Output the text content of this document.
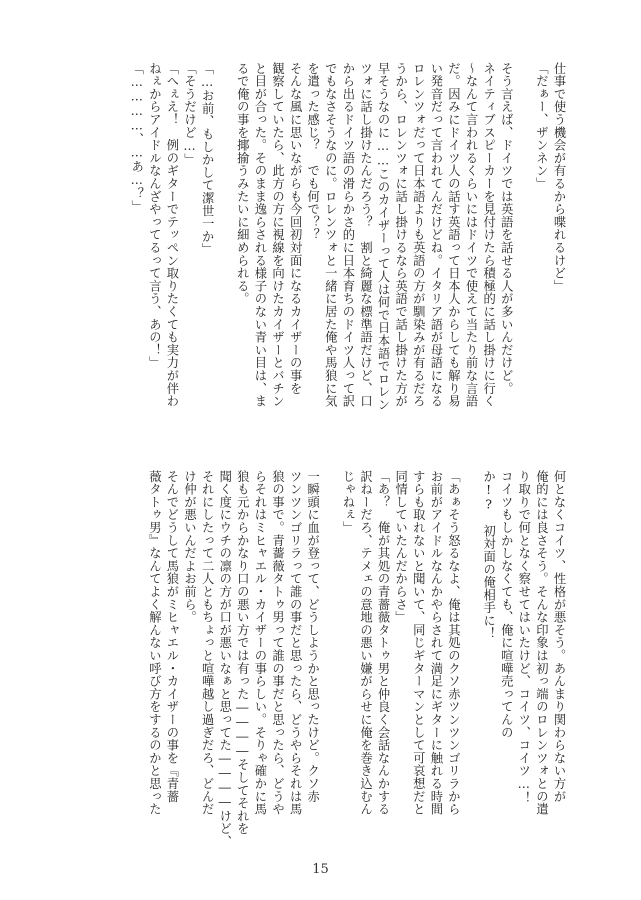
仕事で使う機会が有るから喋れるけど」
「だぁー、ザンネン」
そう言えば、ドイツでは英語を話せる人が多いんだけど。
ネイティブスピーカーを見付けたら積極的に話し掛けに行く
〜なんて言われるくらいにはドイツで使えて当たり前な言語
だ。因みにドイツ人の話す英語って日本人からしても解り易
い発音だって言われてんだけどね。イタリア語が母語になる
ロレンツォだって日本語よりも英語の方が馴染みが有るだろ
うから、ロレンツォに話し掛けるなら英語で話し掛けた方が
早そうなのに……このカイザーって人は何で日本語でロレン
ツォに話し掛けたんだろう？　割と綺麗な標準語だけど、口
から出るドイツ語の滑らかさ的に日本育ちのドイツ人って訳
でもなさそうなのに。ロレンツォと一緒に居た俺や馬狼に気
を遣った感じ？　でも何で？？
そんな風に思いながらも今回初対面になるカイザーの事を
観察していたら、此方の方に視線を向けたカイザーとバチン
と目が合った。そのまま逸らされる様子のない青い目は、ま
るで俺の事を揶揄うみたいに細められる。
「…お前、もしかして潔世一か」
「そうだけど…」
「へぇえ！　例のギターでテッペン取りたくても実力が伴わ
ねぇからアイドルなんざやってるって言う、あの！」
「…………、…あ…？」
何となくコイツ、性格が悪そう。あんまり関わらない方が
俺的には良さそう。そんな印象は初っ端のロレンツォとの遣
り取りで何となく察せてはいたけど、コイツ、コイツ…！
コイツもしかしなくても、俺に喧嘩売ってんの
か!?　初対面の俺相手に！
「あぁそう怒るなよ、俺は其処のクソ赤ツンツンゴリラから
お前がアイドルなんかやらされて満足にギターに触れる時間
すらも取れないと聞いて、同じギターマンとして可哀想だと
同情していたんだからさ」
「あ？　俺が其処の青薔薇タトゥ男と仲良く会話なんかする
訳ねーだろ、テメェの意地の悪い嫌がらせに俺を巻き込むん
じゃねぇ」
一瞬頭に血が登って、どうしようかと思ったけど。クソ赤
ツンツンゴリラって誰の事だと思ったら、どうやらそれは馬
狼の事で。青薔薇タトゥ男って誰の事だと思ったら、どうや
らそれはミヒャエル・カイザーの事らしい。そりゃ確かに馬
狼も元からかなり口の悪い方では有った――――そしてそれを
聞く度にウチの凛の方が口が悪いなぁと思ってた――――けど、
それにしたって二人ともちょっと喧嘩越し過ぎだろ、どんだ
け仲が悪いんだよお前ら。
そんでどうして馬狼がミヒャエル・カイザーの事を『青薔
薇タトゥ男』なんてよく解んない呼び方をするのかと思った
15
